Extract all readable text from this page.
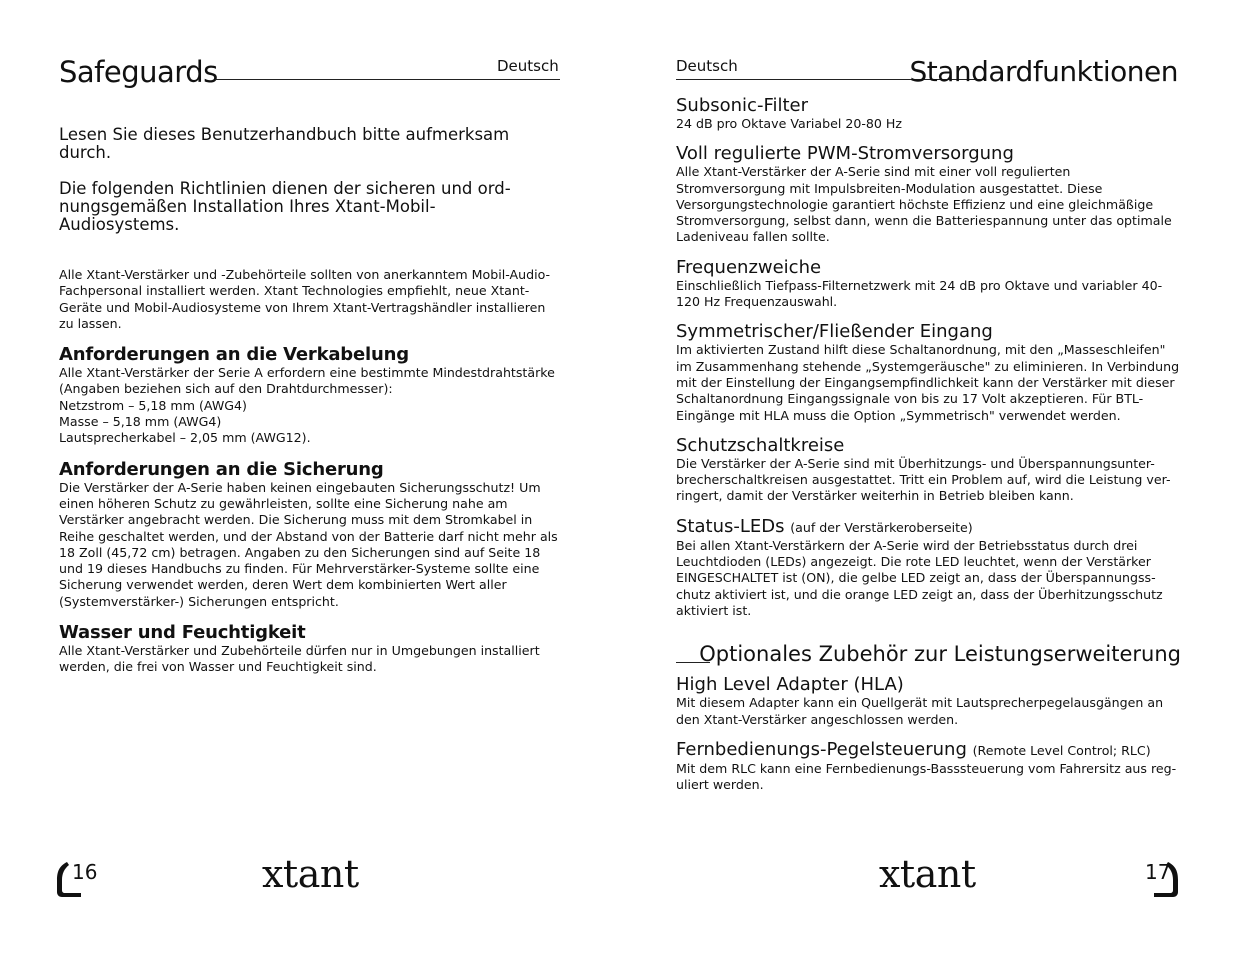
Safeguards	Deutsch

Lesen Sie dieses Benutzerhandbuch bitte aufmerksam durch.

Die folgenden Richtlinien dienen der sicheren und ord-nungsgemäßen Installation Ihres Xtant-Mobil-Audiosystems.

Alle Xtant-Verstärker und -Zubehörteile sollten von anerkanntem Mobil-Audio-Fachpersonal installiert werden. Xtant Technologies empfiehlt, neue Xtant-Geräte und Mobil-Audiosysteme von Ihrem Xtant-Vertragshändler installieren zu lassen.

Anforderungen an die Verkabelung

Alle Xtant-Verstärker der Serie A erfordern eine bestimmte Mindestdrahtstärke (Angaben beziehen sich auf den Drahtdurchmesser):

Netzstrom – 5,18 mm (AWG4)

Masse – 5,18 mm (AWG4)

Lautsprecherkabel – 2,05 mm (AWG12).

Anforderungen an die Sicherung

Die Verstärker der A-Serie haben keinen eingebauten Sicherungsschutz! Um einen höheren Schutz zu gewährleisten, sollte eine Sicherung nahe am Verstärker angebracht werden. Die Sicherung muss mit dem Stromkabel in Reihe geschaltet werden, und der Abstand von der Batterie darf nicht mehr als 18 Zoll (45,72 cm) betragen. Angaben zu den Sicherungen sind auf Seite 18 und 19 dieses Handbuchs zu finden. Für Mehrverstärker-Systeme sollte eine Sicherung verwendet werden, deren Wert dem kombinierten Wert aller (Systemverstärker-) Sicherungen entspricht.

Wasser und Feuchtigkeit

Alle Xtant-Verstärker und Zubehörteile dürfen nur in Umgebungen installiert werden, die frei von Wasser und Feuchtigkeit sind.

16	xtant
Deutsch	Standardfunktionen
Subsonic-Filter

24 dB pro Oktave Variabel 20-80 Hz

Voll regulierte PWM-Stromversorgung

Alle Xtant-Verstärker der A-Serie sind mit einer voll regulierten Stromversorgung mit Impulsbreiten-Modulation ausgestattet. Diese Versorgungstechnologie garantiert höchste Effizienz und eine gleichmäßige Stromversorgung, selbst dann, wenn die Batteriespannung unter das optimale Ladeniveau fallen sollte.

Frequenzweiche

Einschließlich Tiefpass-Filternetzwerk mit 24 dB pro Oktave und variabler 40-120 Hz Frequenzauswahl.

Symmetrischer/Fließender Eingang

Im aktivierten Zustand hilft diese Schaltanordnung, mit den „Masseschleifen" im Zusammenhang stehende „Systemgeräusche" zu eliminieren. In Verbindung mit der Einstellung der Eingangsempfindlichkeit kann der Verstärker mit dieser Schaltanordnung Eingangssignale von bis zu 17 Volt akzeptieren. Für BTL-Eingänge mit HLA muss die Option „Symmetrisch" verwendet werden.

Schutzschaltkreise

Die Verstärker der A-Serie sind mit Überhitzungs- und Überspannungsunter-brecherschaltkreisen ausgestattet. Tritt ein Problem auf, wird die Leistung ver-ringert, damit der Verstärker weiterhin in Betrieb bleiben kann.

Status-LEDs (auf der Verstärkeroberseite)

Bei allen Xtant-Verstärkern der A-Serie wird der Betriebsstatus durch drei Leuchtdioden (LEDs) angezeigt. Die rote LED leuchtet, wenn der Verstärker EINGESCHALTET ist (ON), die gelbe LED zeigt an, dass der Überspannungss-chutz aktiviert ist, und die orange LED zeigt an, dass der Überhitzungsschutz aktiviert ist.

Optionales Zubehör zur Leistungserweiterung
High Level Adapter (HLA)

Mit diesem Adapter kann ein Quellgerät mit Lautsprecherpegelausgängen an den Xtant-Verstärker angeschlossen werden.

Fernbedienungs-Pegelsteuerung (Remote Level Control; RLC)

Mit dem RLC kann eine Fernbedienungs-Basssteuerung vom Fahrersitz aus reg-uliert werden.

xtant	17
